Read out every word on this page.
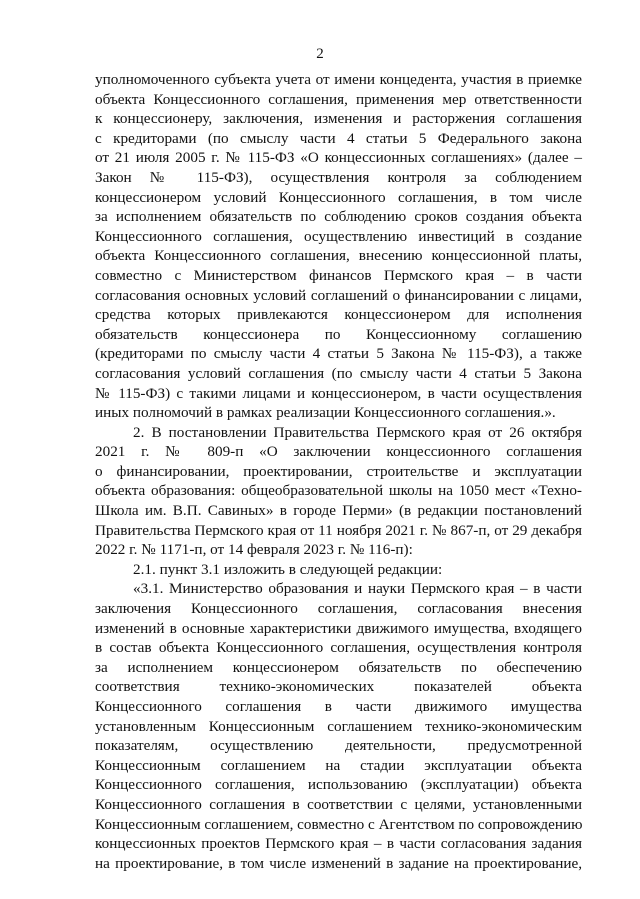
2
уполномоченного субъекта учета от имени концедента, участия в приемке
объекта Концессионного соглашения, применения мер ответственности
к концессионеру, заключения, изменения и расторжения соглашения
с кредиторами (по смыслу части 4 статьи 5 Федерального закона
от 21 июля 2005 г. № 115-ФЗ «О концессионных соглашениях» (далее –
Закон № 115-ФЗ), осуществления контроля за соблюдением
концессионером условий Концессионного соглашения, в том числе
за исполнением обязательств по соблюдению сроков создания объекта
Концессионного соглашения, осуществлению инвестиций в создание
объекта Концессионного соглашения, внесению концессионной платы,
совместно с Министерством финансов Пермского края – в части
согласования основных условий соглашений о финансировании с лицами,
средства которых привлекаются концессионером для исполнения
обязательств концессионера по Концессионному соглашению
(кредиторами по смыслу части 4 статьи 5 Закона № 115-ФЗ), а также
согласования условий соглашения (по смыслу части 4 статьи 5 Закона
№ 115-ФЗ) с такими лицами и концессионером, в части осуществления
иных полномочий в рамках реализации Концессионного соглашения.».
2. В постановлении Правительства Пермского края от 26 октября
2021 г. № 809-п «О заключении концессионного соглашения
о финансировании, проектировании, строительстве и эксплуатации
объекта образования: общеобразовательной школы на 1050 мест «Техно-
Школа им. В.П. Савиных» в городе Перми» (в редакции постановлений
Правительства Пермского края от 11 ноября 2021 г. № 867-п, от 29 декабря
2022 г. № 1171-п, от 14 февраля 2023 г. № 116-п):
2.1. пункт 3.1 изложить в следующей редакции:
«3.1. Министерство образования и науки Пермского края – в части
заключения Концессионного соглашения, согласования внесения
изменений в основные характеристики движимого имущества, входящего
в состав объекта Концессионного соглашения, осуществления контроля
за исполнением концессионером обязательств по обеспечению
соответствия технико-экономических показателей объекта
Концессионного соглашения в части движимого имущества
установленным Концессионным соглашением технико-экономическим
показателям, осуществлению деятельности, предусмотренной
Концессионным соглашением на стадии эксплуатации объекта
Концессионного соглашения, использованию (эксплуатации) объекта
Концессионного соглашения в соответствии с целями, установленными
Концессионным соглашением, совместно с Агентством по сопровождению
концессионных проектов Пермского края – в части согласования задания
на проектирование, в том числе изменений в задание на проектирование,
